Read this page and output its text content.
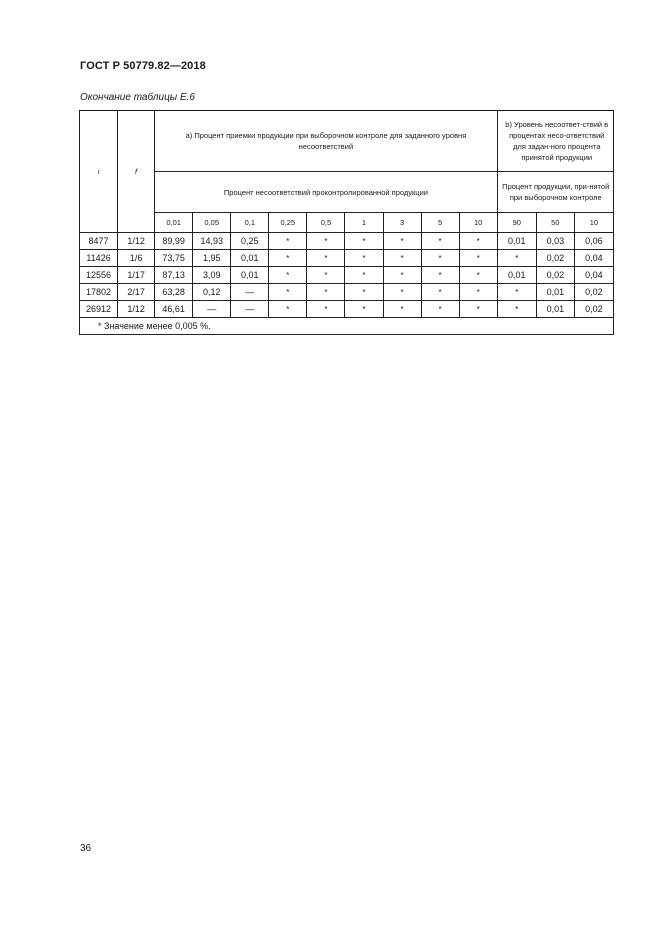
ГОСТ Р 50779.82—2018
Окончание таблицы Е.6
i	f	а) Процент приемки продукции при выборочном контроле для заданного уровня несоответствий									b) Уровень несоответ-ствий в процентах несо-ответствий для задан-ного процента принятой продукции		

		Процент несоответствий проконтролированной продукции									Процент продукции, при-нятой при выборочном контроле		

		0,01	0,05	0,1	0,25	0,5	1	3	5	10	90	50	10
8477	1/12	89,99	14,93	0,25	*	*	*	*	*	*	0,01	0,03	0,06
11426	1/6	73,75	1,95	0,01	*	*	*	*	*	*	*	0,02	0,04
12556	1/17	87,13	3,09	0,01	*	*	*	*	*	*	0,01	0,02	0,04
17802	2/17	63,28	0,12	—	*	*	*	*	*	*	*	0,01	0,02
26912	1/12	46,61	—	—	*	*	*	*	*	*	*	0,01	0,02
* Значение менее 0,005 %.													
36
